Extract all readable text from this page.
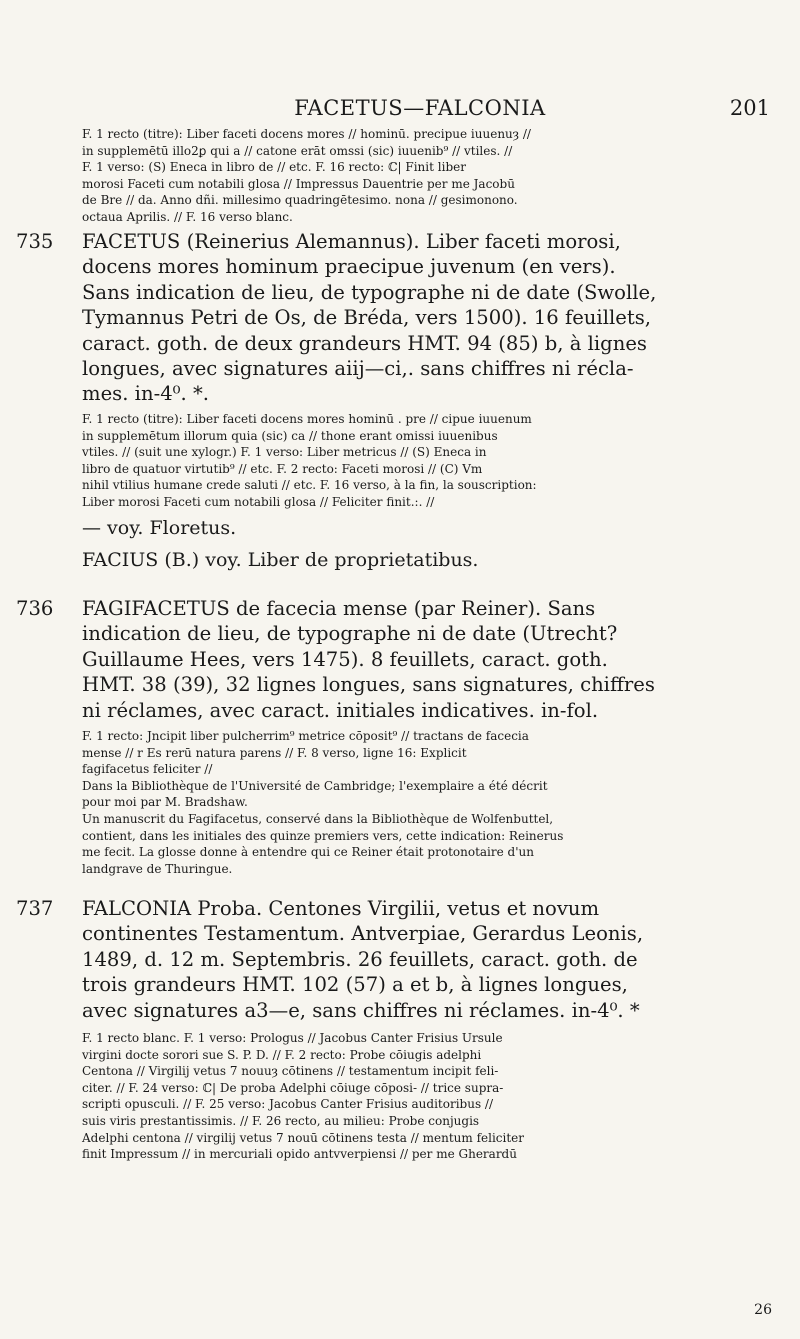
FACETUS—FALCONIA	201
F. 1 recto (titre): Liber faceti docens mores // hominū. precipue iuuenuȝ //
in supplemētū illo2ꝑ qui a // catone erāt omssi (sic) iuuenib⁹ // vtiles. //
F. 1 verso: (S) Eneca in libro de // etc. F. 16 recto: ℂ| Finit liber
morosi Faceti cum notabili glosa // Impressus Dauentrie per me Jacobū
de Bre // da. Anno dñi. millesimo quadringētesimo. nona // gesimonono.
octaua Aprilis. // F. 16 verso blanc.
735 FACETUS (Reinerius Alemannus). Liber faceti morosi,
docens mores hominum praecipue juvenum (en vers).
Sans indication de lieu, de typographe ni de date (Swolle,
Tymannus Petri de Os, de Bréda, vers 1500). 16 feuillets,
caract. goth. de deux grandeurs HMT. 94 (85) b, à lignes
longues, avec signatures aiij—ci,. sans chiffres ni récla-
mes. in-4⁰. *.
F. 1 recto (titre): Liber faceti docens mores hominū . pre // cipue iuuenum
in supplemētum illorum quia (sic) ca // thone erant omissi iuuenibus
vtiles. // (suit une xylogr.) F. 1 verso: Liber metricus // (S) Eneca in
libro de quatuor virtutib⁹ // etc. F. 2 recto: Faceti morosi // (C) Vm
nihil vtilius humane crede saluti // etc. F. 16 verso, à la fin, la souscription:
Liber morosi Faceti cum notabili glosa // Feliciter finit.:. //
— voy. Floretus.
FACIUS (B.) voy. Liber de proprietatibus.
736 FAGIFACETUS de facecia mense (par Reiner). Sans
indication de lieu, de typographe ni de date (Utrecht?
Guillaume Hees, vers 1475). 8 feuillets, caract. goth.
HMT. 38 (39), 32 lignes longues, sans signatures, chiffres
ni réclames, avec caract. initiales indicatives. in-fol.
F. 1 recto: Jncipit liber pulcherrim⁹ metrice cōposit⁹ // tractans de facecia
mense // r Es rerū natura parens // F. 8 verso, ligne 16: Explicit
fagifacetus feliciter //
Dans la Bibliothèque de l'Université de Cambridge; l'exemplaire a été décrit
pour moi par M. Bradshaw.
Un manuscrit du Fagifacetus, conservé dans la Bibliothèque de Wolfenbuttel,
contient, dans les initiales des quinze premiers vers, cette indication: Reinerus
me fecit. La glosse donne à entendre qui ce Reiner était protonotaire d'un
landgrave de Thuringue.
737 FALCONIA Proba. Centones Virgilii, vetus et novum
continentes Testamentum. Antverpiae, Gerardus Leonis,
1489, d. 12 m. Septembris. 26 feuillets, caract. goth. de
trois grandeurs HMT. 102 (57) a et b, à lignes longues,
avec signatures a3—e, sans chiffres ni réclames. in-4⁰. *
F. 1 recto blanc. F. 1 verso: Prologus // Jacobus Canter Frisius Ursule
virgini docte sorori sue S. P. D. // F. 2 recto: Probe cōiugis adelphi
Centona // Virgilij vetus 7 nouuȝ cōtinens // testamentum incipit feli-
citer. // F. 24 verso: ℂ| De proba Adelphi cōiuge cōposi- // trice supra-
scripti opusculi. // F. 25 verso: Jacobus Canter Frisius auditoribus //
suis viris prestantissimis. // F. 26 recto, au milieu: Probe conjugis
Adelphi centona // virgilij vetus 7 nouū cōtinens testa // mentum feliciter
finit Impressum // in mercuriali opido antvverpiensi // per me Gherardū
26
